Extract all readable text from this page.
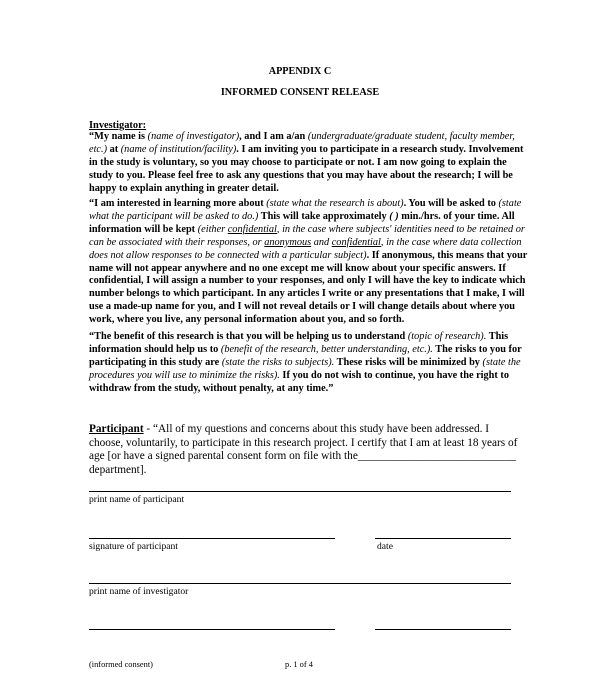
APPENDIX C
INFORMED CONSENT RELEASE
Investigator:
“My name is (name of investigator), and I am a/an (undergraduate/graduate student, faculty member, etc.) at (name of institution/facility). I am inviting you to participate in a research study. Involvement in the study is voluntary, so you may choose to participate or not. I am now going to explain the study to you. Please feel free to ask any questions that you may have about the research; I will be happy to explain anything in greater detail.
“I am interested in learning more about (state what the research is about). You will be asked to (state what the participant will be asked to do.) This will take approximately ( ) min./hrs. of your time. All information will be kept (either confidential, in the case where subjects' identities need to be retained or can be associated with their responses, or anonymous and confidential, in the case where data collection does not allow responses to be connected with a particular subject). If anonymous, this means that your name will not appear anywhere and no one except me will know about your specific answers. If confidential, I will assign a number to your responses, and only I will have the key to indicate which number belongs to which participant. In any articles I write or any presentations that I make, I will use a made-up name for you, and I will not reveal details or I will change details about where you work, where you live, any personal information about you, and so forth.
“The benefit of this research is that you will be helping us to understand (topic of research). This information should help us to (benefit of the research, better understanding, etc.). The risks to you for participating in this study are (state the risks to subjects). These risks will be minimized by (state the procedures you will use to minimize the risks). If you do not wish to continue, you have the right to withdraw from the study, without penalty, at any time.”
Participant - “All of my questions and concerns about this study have been addressed. I choose, voluntarily, to participate in this research project. I certify that I am at least 18 years of age [or have a signed parental consent form on file with the____________________________ department].
print name of participant
signature of participant	date
print name of investigator
(informed consent)	p. 1 of 4
